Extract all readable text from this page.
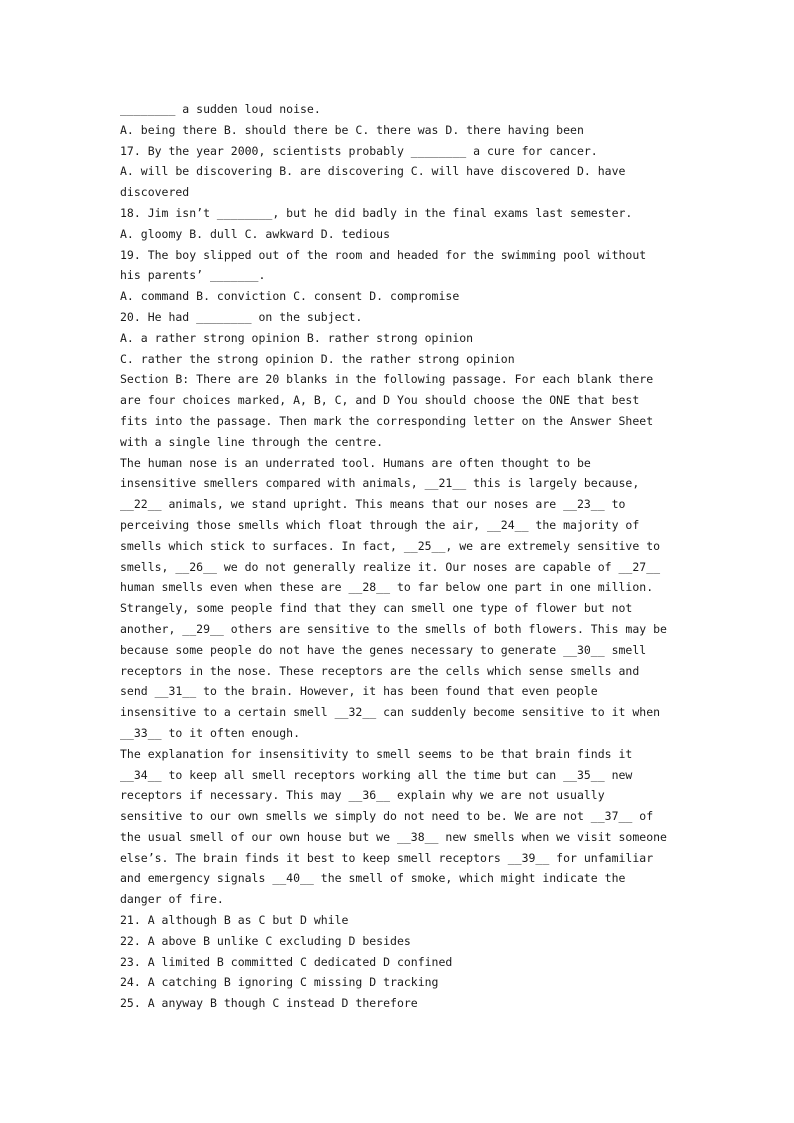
________ a sudden loud noise.
A. being there B. should there be C. there was D. there having been
17. By the year 2000, scientists probably ________ a cure for cancer.
A. will be discovering B. are discovering C. will have discovered D. have
discovered
18. Jim isn’t ________, but he did badly in the final exams last semester.
A. gloomy B. dull C. awkward D. tedious
19. The boy slipped out of the room and headed for the swimming pool without
his parents’ _______.
A. command B. conviction C. consent D. compromise
20. He had ________ on the subject.
A. a rather strong opinion B. rather strong opinion
C. rather the strong opinion D. the rather strong opinion
Section B: There are 20 blanks in the following passage. For each blank there
are four choices marked, A, B, C, and D You should choose the ONE that best
fits into the passage. Then mark the corresponding letter on the Answer Sheet
with a single line through the centre.
The human nose is an underrated tool. Humans are often thought to be
insensitive smellers compared with animals, __21__ this is largely because,
__22__ animals, we stand upright. This means that our noses are __23__ to
perceiving those smells which float through the air, __24__ the majority of
smells which stick to surfaces. In fact, __25__, we are extremely sensitive to
smells, __26__ we do not generally realize it. Our noses are capable of __27__
human smells even when these are __28__ to far below one part in one million.
Strangely, some people find that they can smell one type of flower but not
another, __29__ others are sensitive to the smells of both flowers. This may be
because some people do not have the genes necessary to generate __30__ smell
receptors in the nose. These receptors are the cells which sense smells and
send __31__ to the brain. However, it has been found that even people
insensitive to a certain smell __32__ can suddenly become sensitive to it when
__33__ to it often enough.
The explanation for insensitivity to smell seems to be that brain finds it
__34__ to keep all smell receptors working all the time but can __35__ new
receptors if necessary. This may __36__ explain why we are not usually
sensitive to our own smells we simply do not need to be. We are not __37__ of
the usual smell of our own house but we __38__ new smells when we visit someone
else’s. The brain finds it best to keep smell receptors __39__ for unfamiliar
and emergency signals __40__ the smell of smoke, which might indicate the
danger of fire.
21. A although B as C but D while
22. A above B unlike C excluding D besides
23. A limited B committed C dedicated D confined
24. A catching B ignoring C missing D tracking
25. A anyway B though C instead D therefore
